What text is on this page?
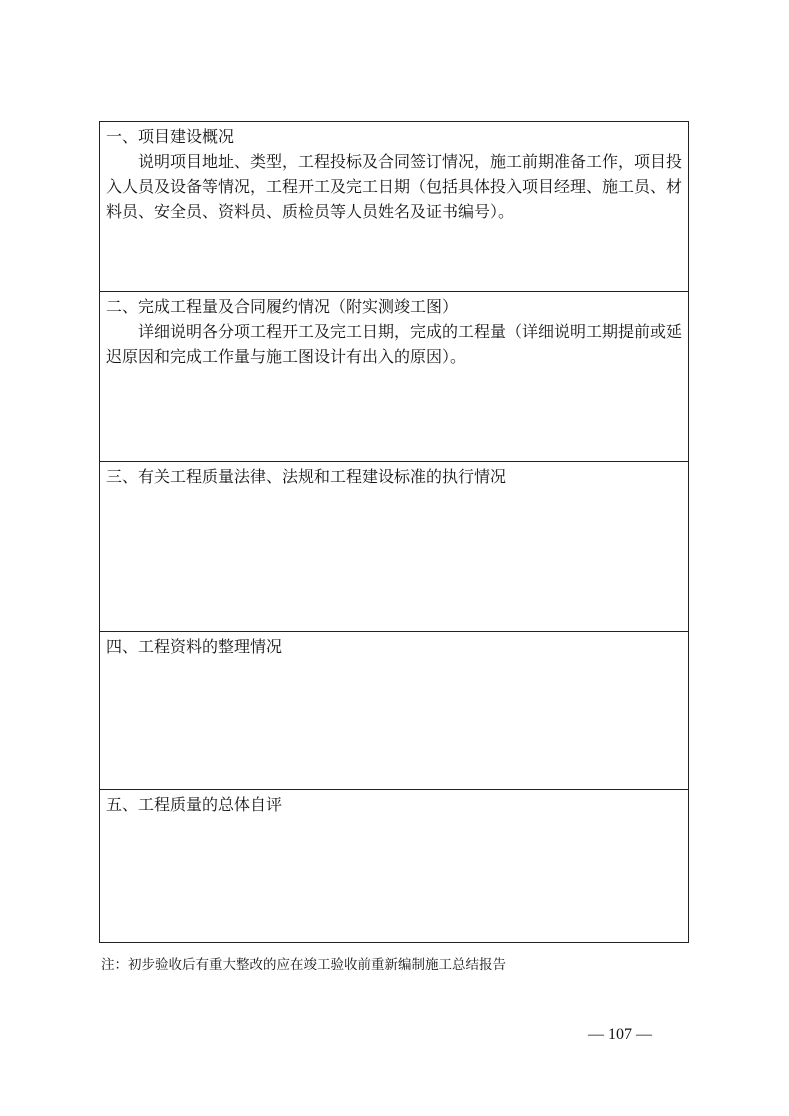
一、项目建设概况

说明项目地址、类型，工程投标及合同签订情况，施工前期准备工作，项目投入人员及设备等情况，工程开工及完工日期（包括具体投入项目经理、施工员、材料员、安全员、资料员、质检员等人员姓名及证书编号）。

二、完成工程量及合同履约情况（附实测竣工图）

详细说明各分项工程开工及完工日期，完成的工程量（详细说明工期提前或延迟原因和完成工作量与施工图设计有出入的原因）。

三、有关工程质量法律、法规和工程建设标准的执行情况
四、工程资料的整理情况
五、工程质量的总体自评
注：初步验收后有重大整改的应在竣工验收前重新编制施工总结报告
— 107 —
